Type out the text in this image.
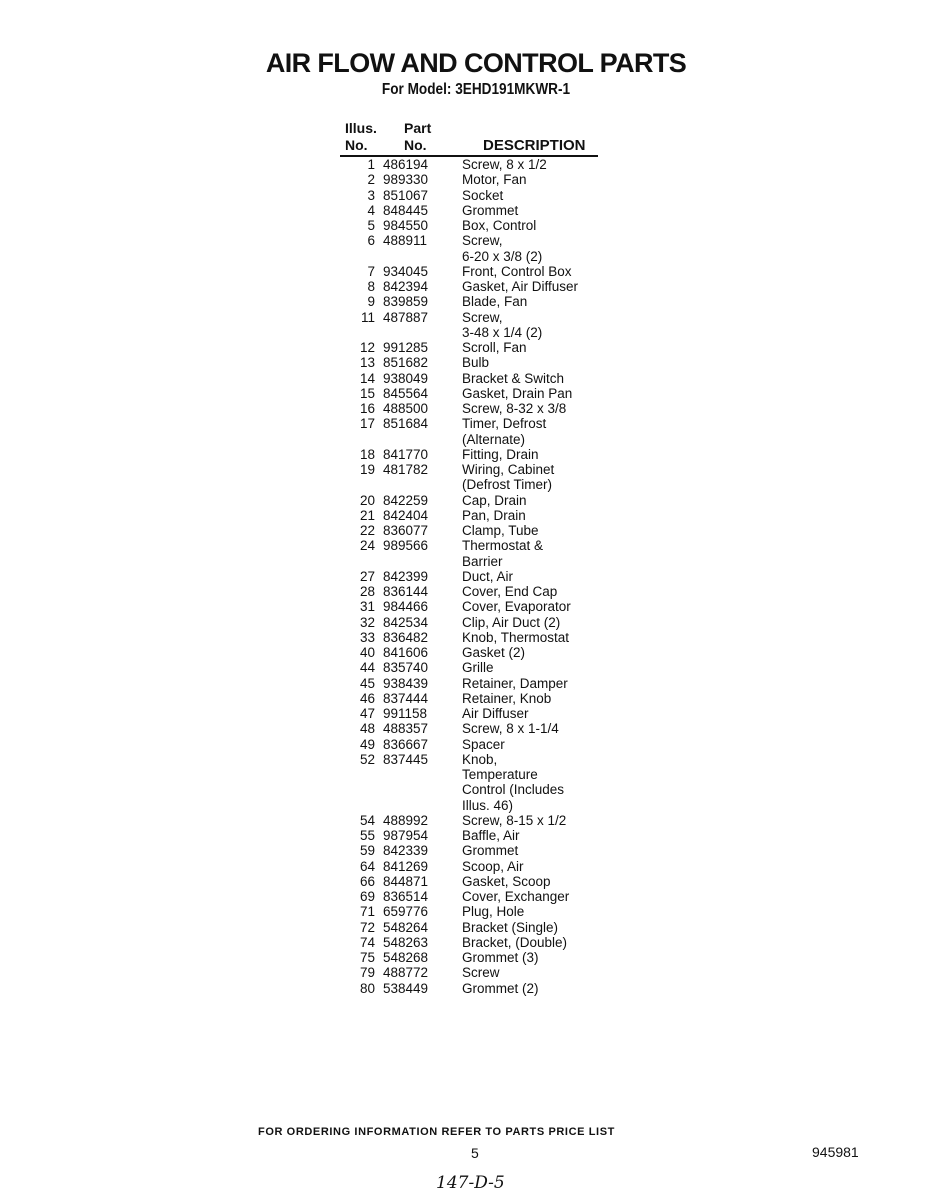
AIR FLOW AND CONTROL PARTS
For Model: 3EHD191MKWR-1
Illus.
No.
Part
No.	DESCRIPTION
1 486194	Screw, 8 x 1/2
2 989330	Motor, Fan
3 851067	Socket
4 848445	Grommet
5 984550	Box, Control
6 488911	Screw,
6-20 x 3/8 (2)
7 934045	Front, Control Box
8 842394	Gasket, Air Diffuser
9 839859	Blade, Fan
11 487887	Screw,
3-48 x 1/4 (2)
12 991285	Scroll, Fan
13 851682	Bulb
14 938049	Bracket & Switch
15 845564	Gasket, Drain Pan
16 488500	Screw, 8-32 x 3/8
17 851684	Timer, Defrost
(Alternate)
18 841770	Fitting, Drain
19 481782	Wiring, Cabinet
(Defrost Timer)
20 842259	Cap, Drain
21 842404	Pan, Drain
22 836077	Clamp, Tube
24 989566	Thermostat &
Barrier
27 842399	Duct, Air
28 836144	Cover, End Cap
31 984466	Cover, Evaporator
32 842534	Clip, Air Duct (2)
33 836482	Knob, Thermostat
40 841606	Gasket (2)
44 835740	Grille
45 938439	Retainer, Damper
46 837444	Retainer, Knob
47 991158	Air Diffuser
48 488357	Screw, 8 x 1-1/4
49 836667	Spacer
52 837445	Knob,
Temperature
Control (Includes
Illus. 46)
54 488992	Screw, 8-15 x 1/2
55 987954	Baffle, Air
59 842339	Grommet
64 841269	Scoop, Air
66 844871	Gasket, Scoop
69 836514	Cover, Exchanger
71 659776	Plug, Hole
72 548264	Bracket (Single)
74 548263	Bracket, (Double)
75 548268	Grommet (3)
79 488772	Screw
80 538449	Grommet (2)
FOR ORDERING INFORMATION REFER TO PARTS PRICE LIST
5	945981
147-D-5
